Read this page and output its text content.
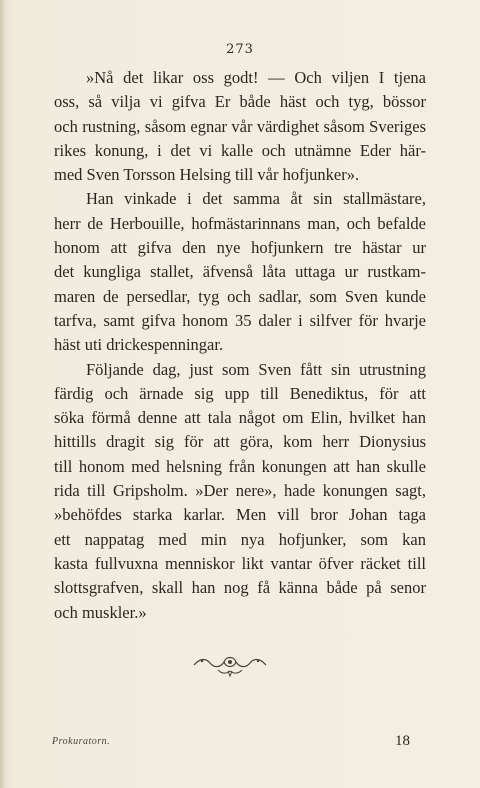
273
»Nå det likar oss godt! — Och viljen I tjena
oss, så vilja vi gifva Er både häst och tyg, bössor
och rustning, såsom egnar vår värdighet såsom Sveriges
rikes konung, i det vi kalle och utnämne Eder här-
med Sven Torsson Helsing till vår hofjunker».
Han vinkade i det samma åt sin stallmästare,
herr de Herbouille, hofmästarinnans man, och befalde
honom att gifva den nye hofjunkern tre hästar ur
det kungliga stallet, äfvenså låta uttaga ur rustkam-
maren de persedlar, tyg och sadlar, som Sven kunde
tarfva, samt gifva honom 35 daler i silfver för hvarje
häst uti drickespenningar.
Följande dag, just som Sven fått sin utrustning
färdig och ärnade sig upp till Benediktus, för att
söka förmå denne att tala något om Elin, hvilket han
hittills dragit sig för att göra, kom herr Dionysius
till honom med helsning från konungen att han skulle
rida till Gripsholm. »Der nere», hade konungen sagt,
»behöfdes starka karlar. Men vill bror Johan taga
ett nappatag med min nya hofjunker, som kan
kasta fullvuxna menniskor likt vantar öfver räcket till
slottsgrafven, skall han nog få känna både på senor
och muskler.»
Prokuratorn.	18
